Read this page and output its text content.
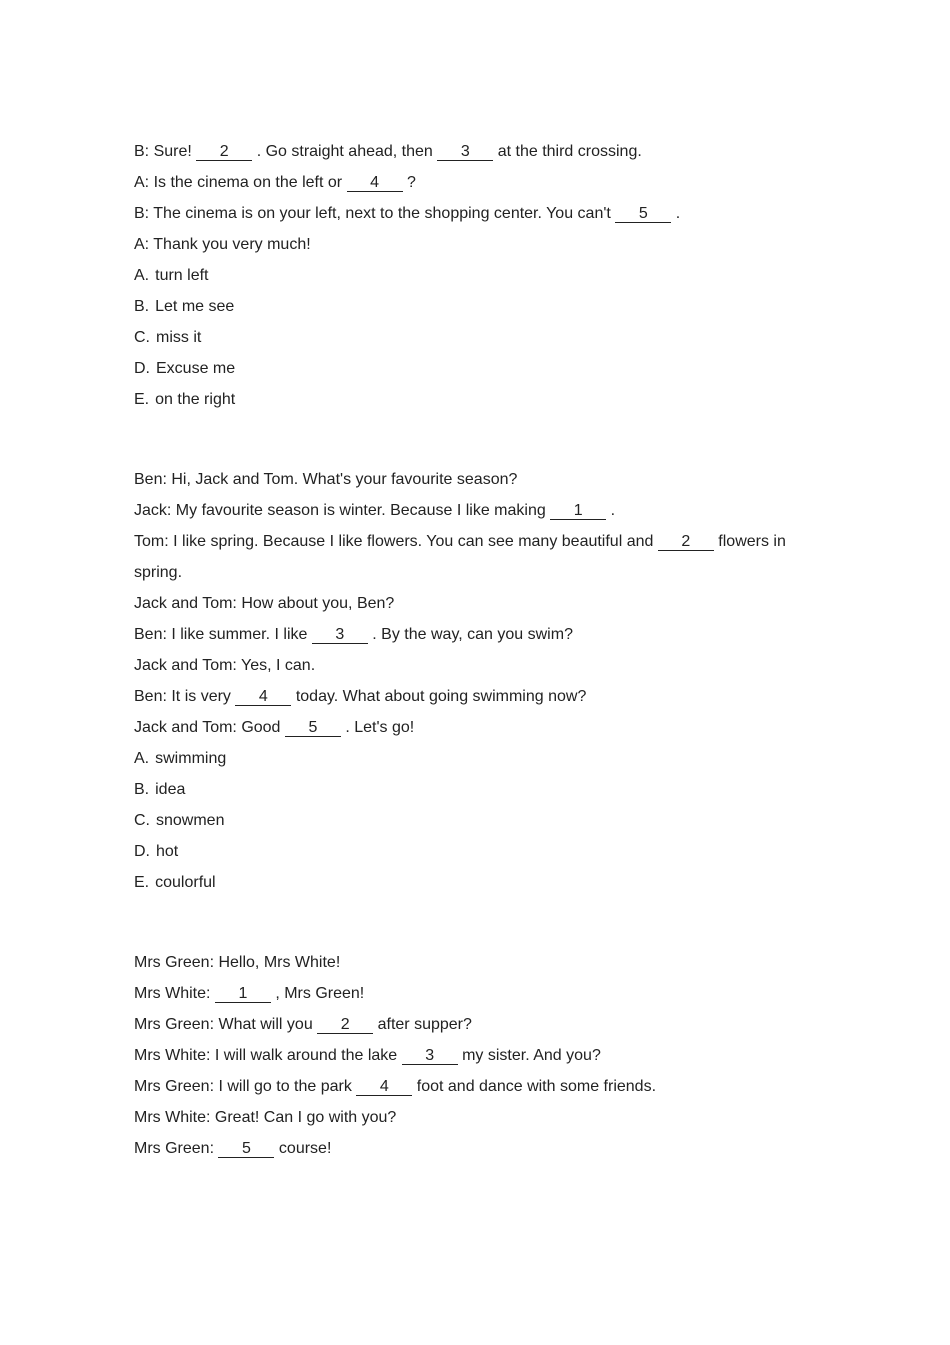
B: Sure! 2 . Go straight ahead, then 3 at the third crossing.
A: Is the cinema on the left or 4 ?
B: The cinema is on your left, next to the shopping center. You can't 5 .
A: Thank you very much!
A. turn left
B. Let me see
C. miss it
D. Excuse me
E. on the right
Ben: Hi, Jack and Tom. What's your favourite season?
Jack: My favourite season is winter. Because I like making 1 .
Tom: I like spring. Because I like flowers. You can see many beautiful and 2 flowers in spring.
Jack and Tom: How about you, Ben?
Ben: I like summer. I like 3 . By the way, can you swim?
Jack and Tom: Yes, I can.
Ben: It is very 4 today. What about going swimming now?
Jack and Tom: Good 5 . Let's go!
A. swimming
B. idea
C. snowmen
D. hot
E. coulorful
Mrs Green: Hello, Mrs White!
Mrs White: 1 , Mrs Green!
Mrs Green: What will you 2 after supper?
Mrs White: I will walk around the lake 3 my sister. And you?
Mrs Green: I will go to the park 4 foot and dance with some friends.
Mrs White: Great! Can I go with you?
Mrs Green: 5 course!
